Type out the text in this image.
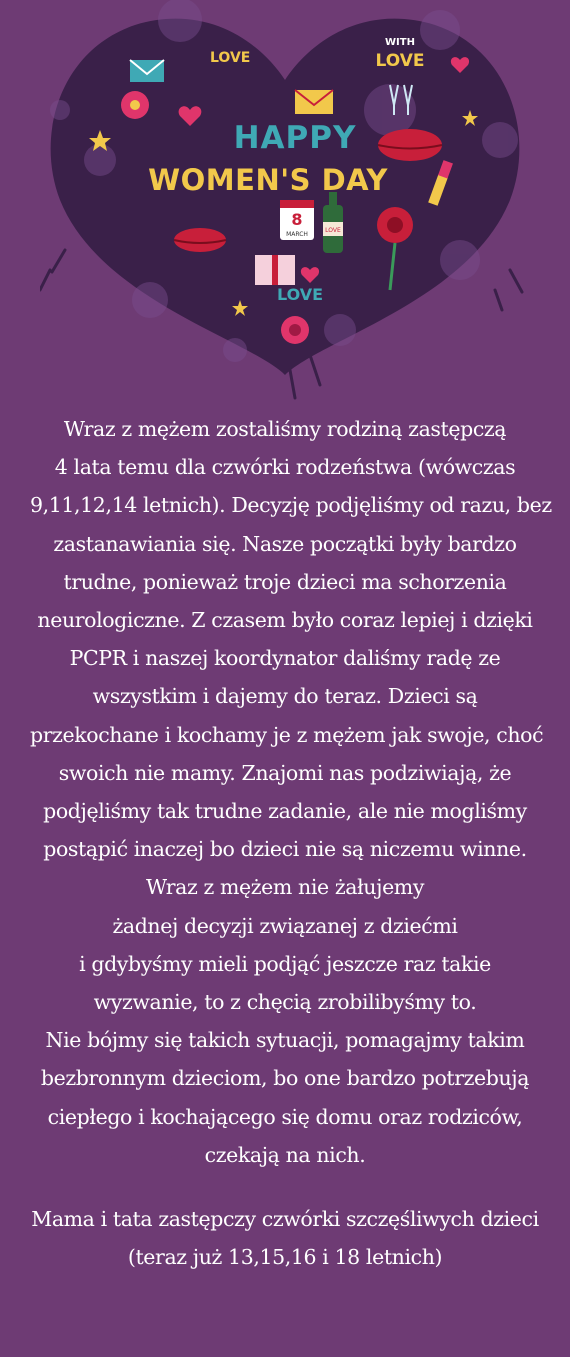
LOVE
8
MARCH
LOVE
WITH
LOVE
HAPPY
WOMEN'S DAY
LOVE
Wraz z mężem zostaliśmy rodziną zastępczą
4 lata temu dla czwórki rodzeństwa (wówczas
9,11,12,14 letnich). Decyzję podjęliśmy od razu, bez
zastanawiania się. Nasze początki były bardzo
trudne, ponieważ troje dzieci ma schorzenia
neurologiczne. Z czasem było coraz lepiej i dzięki
PCPR i naszej koordynator daliśmy radę ze
wszystkim i dajemy do teraz. Dzieci są
przekochane i kochamy je z mężem jak swoje, choć
swoich nie mamy. Znajomi nas podziwiają, że
podjęliśmy tak trudne zadanie, ale nie mogliśmy
postąpić inaczej bo dzieci nie są niczemu winne.
Wraz z mężem nie żałujemy
żadnej decyzji związanej z dziećmi
i gdybyśmy mieli podjąć jeszcze raz takie
wyzwanie, to z chęcią zrobilibyśmy to.
Nie bójmy się takich sytuacji, pomagajmy takim
bezbronnym dzieciom, bo one bardzo potrzebują
ciepłego i kochającego się domu oraz rodziców,
czekają na nich.
Mama i tata zastępczy czwórki szczęśliwych dzieci
(teraz już 13,15,16 i 18 letnich)
